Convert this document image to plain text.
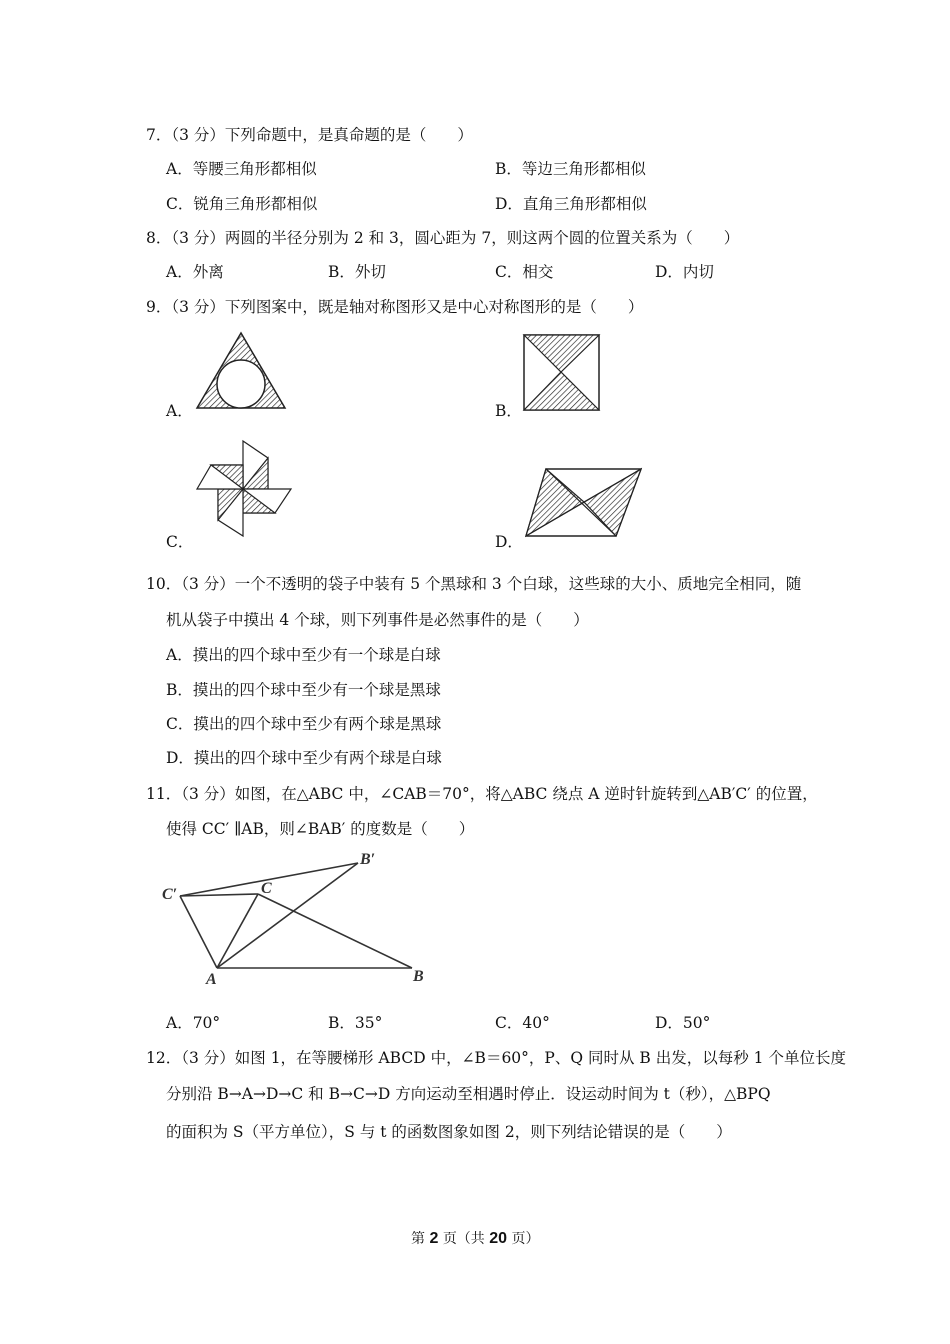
7．（3 分）下列命题中，是真命题的是（　　）
A．等腰三角形都相似	B．等边三角形都相似
C．锐角三角形都相似	D．直角三角形都相似
8．（3 分）两圆的半径分别为 2 和 3，圆心距为 7，则这两个圆的位置关系为（　　）
A．外离	B．外切	C．相交	D．内切
9．（3 分）下列图案中，既是轴对称图形又是中心对称图形的是（　　）
A．	B．
C．	D．
10．（3 分）一个不透明的袋子中装有 5 个黑球和 3 个白球，这些球的大小、质地完全相同，随
机从袋子中摸出 4 个球，则下列事件是必然事件的是（　　）
A．摸出的四个球中至少有一个球是白球
B．摸出的四个球中至少有一个球是黑球
C．摸出的四个球中至少有两个球是黑球
D．摸出的四个球中至少有两个球是白球
11．（3 分）如图，在△ABC 中，∠CAB＝70°，将△ABC 绕点 A 逆时针旋转到△AB′C′ 的位置，
使得 CC′ ∥AB，则∠BAB′ 的度数是（　　）
C′	C
B′
A	B
A．70°	B．35°	C．40°	D．50°
12．（3 分）如图 1，在等腰梯形 ABCD 中，∠B＝60°，P、Q 同时从 B 出发，以每秒 1 个单位长度
分别沿 B→A→D→C 和 B→C→D 方向运动至相遇时停止．设运动时间为 t（秒），△BPQ
的面积为 S（平方单位），S 与 t 的函数图象如图 2，则下列结论错误的是（　　）
第 2 页（共 20 页）
